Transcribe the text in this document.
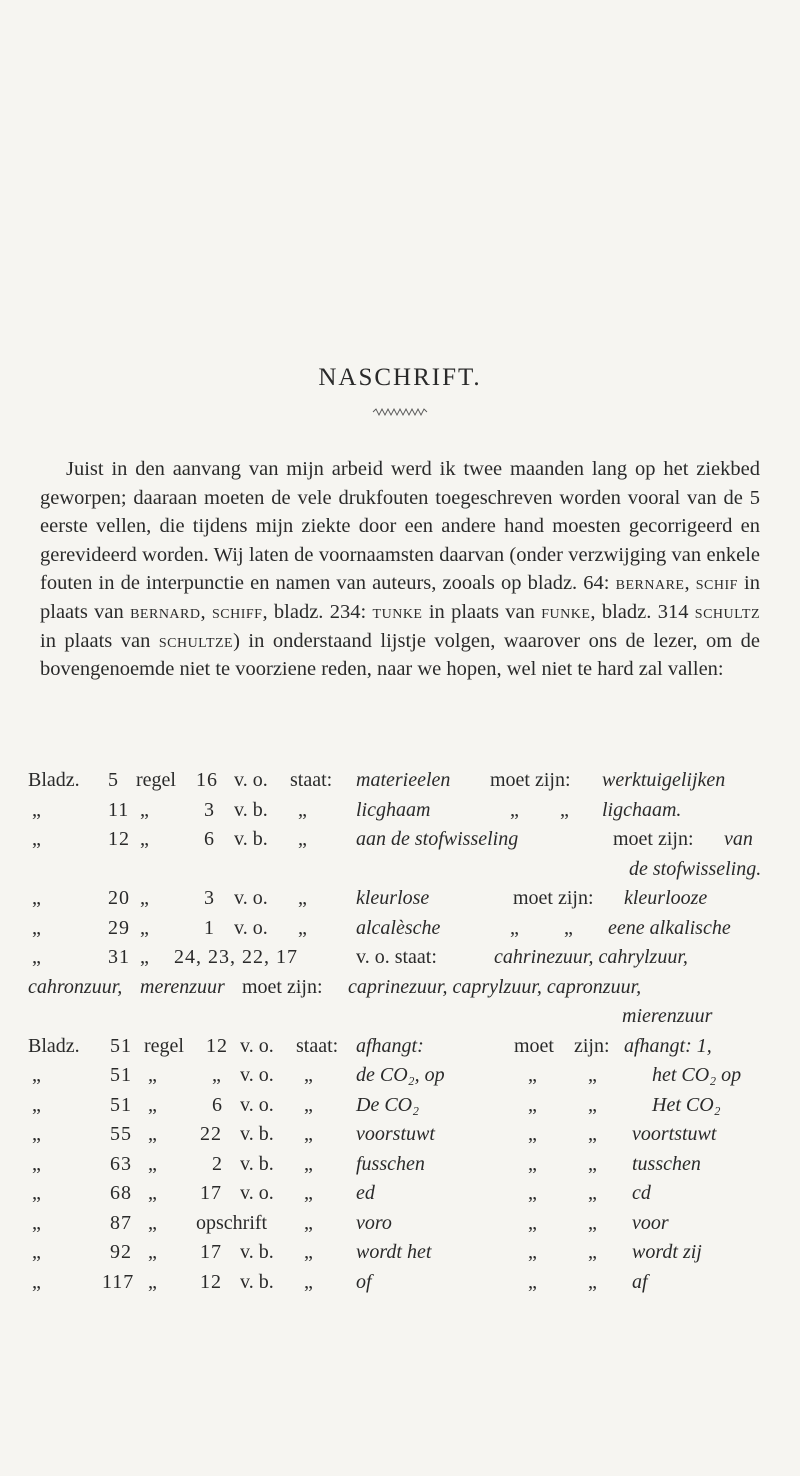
NASCHRIFT.

Juist in den aanvang van mijn arbeid werd ik twee maanden lang op het ziekbed geworpen; daaraan moeten de vele drukfouten toegeschreven worden vooral van de 5 eerste vellen, die tijdens mijn ziekte door een andere hand moesten gecorrigeerd en gerevideerd worden. Wij laten de voornaamsten daarvan (onder verzwijging van enkele fouten in de interpunctie en namen van auteurs, zooals op bladz. 64: bernare, schif in plaats van bernard, schiff, bladz. 234: tunke in plaats van funke, bladz. 314 schultz in plaats van schultze) in onderstaand lijstje volgen, waarover ons de lezer, om de bovengenoemde niet te voorziene reden, naar we hopen, wel niet te hard zal vallen:

Bladz. 5 regel 16 v. o. staat: materieelen moet zijn: werktuigelijken
„	11 „	3 v. b. „ licghaam	„ „ ligchaam.
„	12 „	6 v. b. „ aan de stofwisseling	moet zijn: van
de stofwisseling.
„	20 „	3 v. o. „ kleurlose	moet zijn: kleurlooze
„	29 „	1 v. o. „ alcalèsche	„ „ eene alkalische
„	31 „ 24, 23, 22, 17	v. o. staat:	cahrinezuur, cahrylzuur,
cahronzuur, merenzuur moet zijn: caprinezuur, caprylzuur, capronzuur,
mierenzuur
Bladz. 51 regel 12 v. o. staat: afhangt:	moet zijn: afhangt: 1,
„	51 „	„ v. o. „ de CO₂, op	„	„	het CO₂ op
„	51 „	6 v. o. „ De CO₂	„	„	Het CO₂
„	55 „ 22 v. b. „ voorstuwt	„	„ voortstuwt
„	63 „	2 v. b. „ fusschen	„	„ tusschen
„	68 „ 17 v. o. „ ed	„	„ cd
„	87 „ opschrift „ voro	„	„ voor
„	92 „ 17 v. b. „ wordt het	„	„ wordt zij
„	117 „ 12 v. b. „ of	„	„ af
